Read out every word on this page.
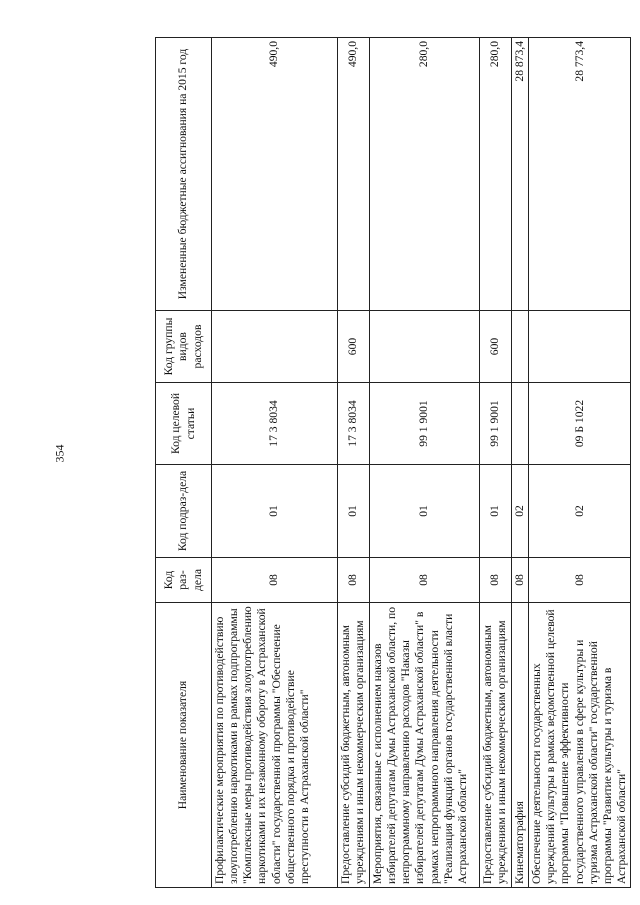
354
Наименование показателя	Код раз-дела	Код подраз-дела	Код целевой статьи	Код группы видов расходов	Измененные бюджетные ассигнования на 2015 год
Профилактические мероприятия по противодействию злоупотреблению наркотиками в рамках подпрограммы "Комплексные меры противодействия злоупотреблению наркотиками и их незаконному обороту в Астраханской области" государственной программы "Обеспечение общественного порядка и противодействие преступности в Астраханской области"	08	01	17 3 8034		490,0
Предоставление субсидий бюджетным, автономным учреждениям и иным некоммерческим организациям	08	01	17 3 8034	600	490,0
Мероприятия, связанные с исполнением наказов избирателей депутатам Думы Астраханской области, по непрограммному направлению расходов "Наказы избирателей депутатам Думы Астраханской области" в рамках непрограммного направления деятельности "Реализация функций органов государственной власти Астраханской области"	08	01	99 1 9001		280,0
Предоставление субсидий бюджетным, автономным учреждениям и иным некоммерческим организациям	08	01	99 1 9001	600	280,0
Кинематография	08	02			28 873,4
Обеспечение деятельности государственных учреждений культуры в рамках ведомственной целевой программы "Повышение эффективности государственного управления в сфере культуры и туризма Астраханской области" государственной программы "Развитие культуры и туризма в Астраханской области"	08	02	09 Б 1022		28 773,4
